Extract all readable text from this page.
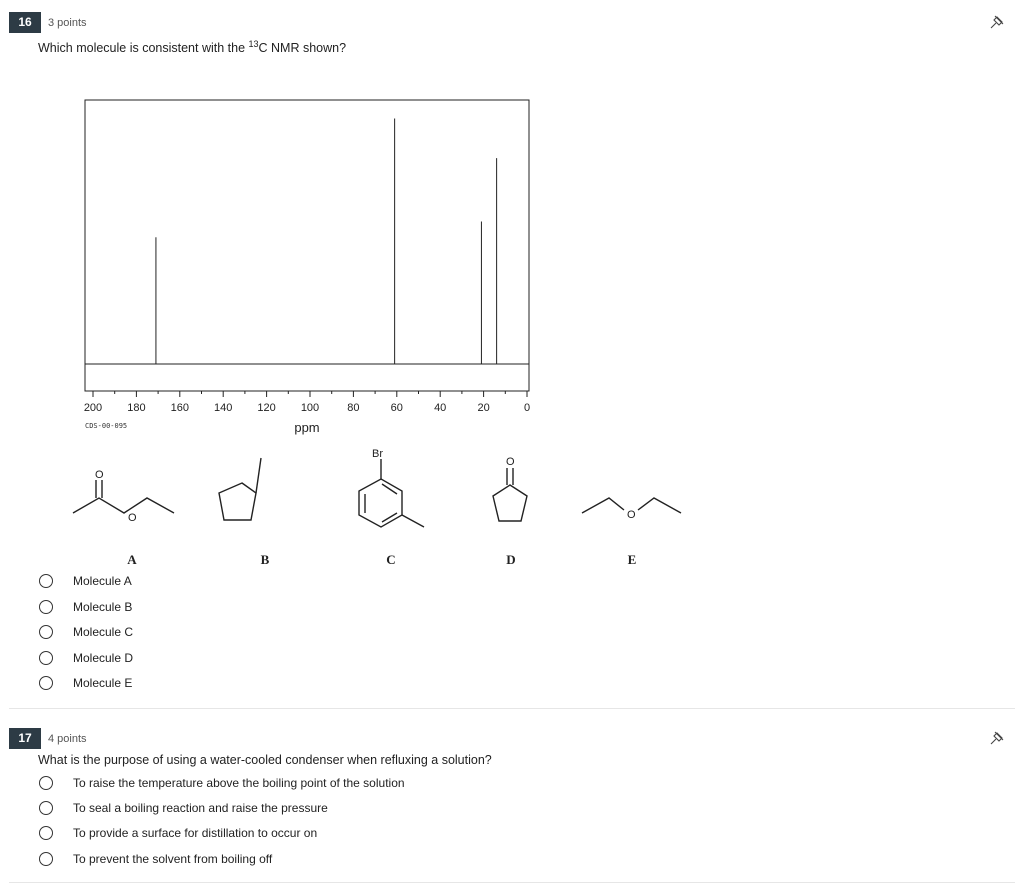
16	3 points
Which molecule is consistent with the $^{13}$C NMR shown?
200 180 160 140 120 100	80	60	40	20	0
ppm
CDS-00-095
O
O
Br
O
O
A	B	C	D	E
Molecule A
Molecule B
Molecule C
Molecule D
Molecule E
17	4 points
What is the purpose of using a water-cooled condenser when refluxing a solution?
To raise the temperature above the boiling point of the solution
To seal a boiling reaction and raise the pressure
To provide a surface for distillation to occur on
To prevent the solvent from boiling off
